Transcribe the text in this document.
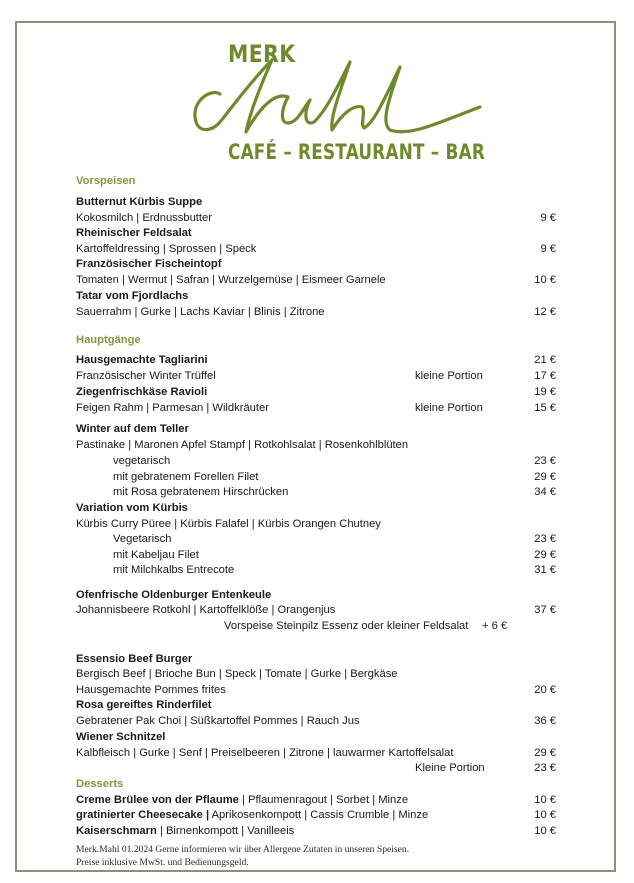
MERK
CAFÉ – RESTAURANT – BAR
Vorspeisen
Butternut Kürbis Suppe
Kokosmilch | Erdnussbutter	9 €
Rheinischer Feldsalat
Kartoffeldressing | Sprossen | Speck	9 €
Französischer Fischeintopf
Tomaten | Wermut | Safran | Wurzelgemüse | Eismeer Garnele	10 €
Tatar vom Fjordlachs
Sauerrahm | Gurke | Lachs Kaviar | Blinis | Zitrone	12 €
Hauptgänge
Hausgemachte Tagliarini	21 €
Französischer Winter Trüffel	kleine Portion	17 €
Ziegenfrischkäse Ravioli	19 €
Feigen Rahm | Parmesan | Wildkräuter	kleine Portion	15 €
Winter auf dem Teller
Pastinake | Maronen Apfel Stampf | Rotkohlsalat | Rosenkohlblüten
vegetarisch	23 €
mit gebratenem Forellen Filet	29 €
mit Rosa gebratenem Hirschrücken	34 €
Variation vom Kürbis
Kürbis Curry Püree | Kürbis Falafel | Kürbis Orangen Chutney
Vegetarisch	23 €
mit Kabeljau Filet	29 €
mit Milchkalbs Entrecote	31 €
Ofenfrische Oldenburger Entenkeule
Johannisbeere Rotkohl | Kartoffelklöße | Orangenjus	37 €
Vorspeise Steinpilz Essenz oder kleiner Feldsalat + 6 €
Essensio Beef Burger
Bergisch Beef | Brioche Bun | Speck | Tomate | Gurke | Bergkäse
Hausgemachte Pommes frites	20 €
Rosa gereiftes Rinderfilet
Gebratener Pak Choi | Süßkartoffel Pommes | Rauch Jus	36 €
Wiener Schnitzel
Kalbfleisch | Gurke | Senf | Preiselbeeren | Zitrone | lauwarmer Kartoffelsalat	29 €
Kleine Portion	23 €
Desserts
Creme Brülee von der Pflaume | Pflaumenragout | Sorbet | Minze	10 €
gratinierter Cheesecake | Aprikosenkompott | Cassis Crumble | Minze	10 €
Kaiserschmarn | Birnenkompott | Vanilleeis	10 €
Merk.Mahl 01.2024 Gerne informieren wir über Allergene Zutaten in unseren Speisen.
Preise inklusive MwSt. und Bedienungsgeld.
